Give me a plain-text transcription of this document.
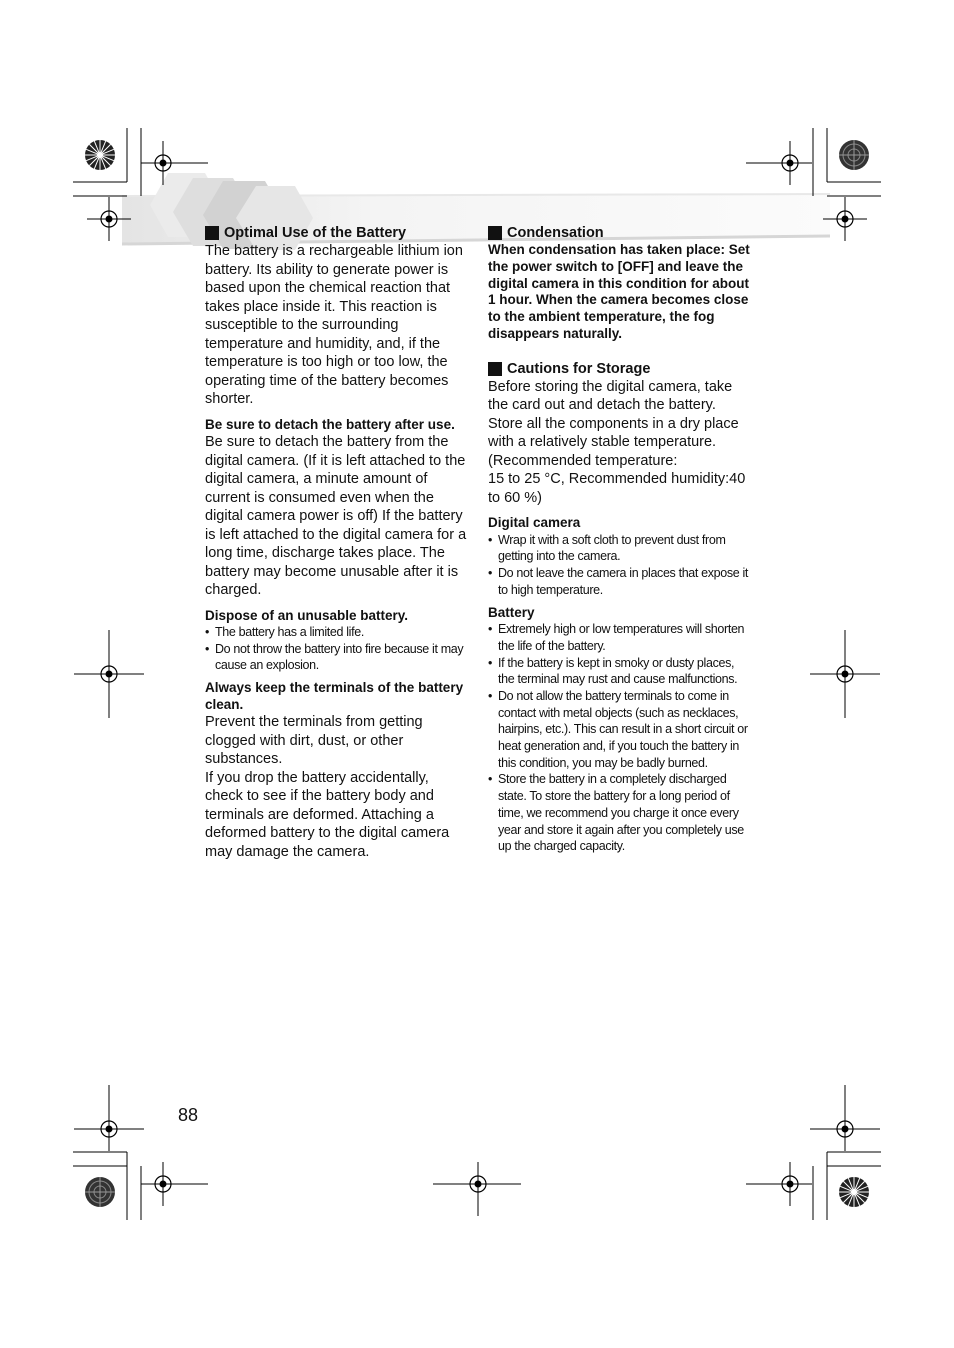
Optimal Use of the Battery

The battery is a rechargeable lithium ion battery. Its ability to generate power is based upon the chemical reaction that takes place inside it. This reaction is susceptible to the surrounding temperature and humidity, and, if the temperature is too high or too low, the operating time of the battery becomes shorter.

Be sure to detach the battery after use.

Be sure to detach the battery from the digital camera. (If it is left attached to the digital camera, a minute amount of current is consumed even when the digital camera power is off) If the battery is left attached to the digital camera for a long time, discharge takes place. The battery may become unusable after it is charged.

Dispose of an unusable battery.

• The battery has a limited life.
• Do not throw the battery into fire because it may cause an explosion.

Always keep the terminals of the battery clean.

Prevent the terminals from getting clogged with dirt, dust, or other substances.

If you drop the battery accidentally, check to see if the battery body and terminals are deformed. Attaching a deformed battery to the digital camera may damage the camera.

Condensation

When condensation has taken place: Set the power switch to [OFF] and leave the digital camera in this condition for about 1 hour. When the camera becomes close to the ambient temperature, the fog disappears naturally.

Cautions for Storage

Before storing the digital camera, take the card out and detach the battery. Store all the components in a dry place with a relatively stable temperature. (Recommended temperature:

15 to 25 °C, Recommended humidity:40 to 60 %)

Digital camera

• Wrap it with a soft cloth to prevent dust from getting into the camera.
• Do not leave the camera in places that expose it to high temperature.

Battery

• Extremely high or low temperatures will shorten the life of the battery.
• If the battery is kept in smoky or dusty places, the terminal may rust and cause malfunctions.
• Do not allow the battery terminals to come in contact with metal objects (such as necklaces, hairpins, etc.). This can result in a short circuit or heat generation and, if you touch the battery in this condition, you may be badly burned.
• Store the battery in a completely discharged state. To store the battery for a long period of time, we recommend you charge it once every year and store it again after you completely use up the charged capacity.
88
